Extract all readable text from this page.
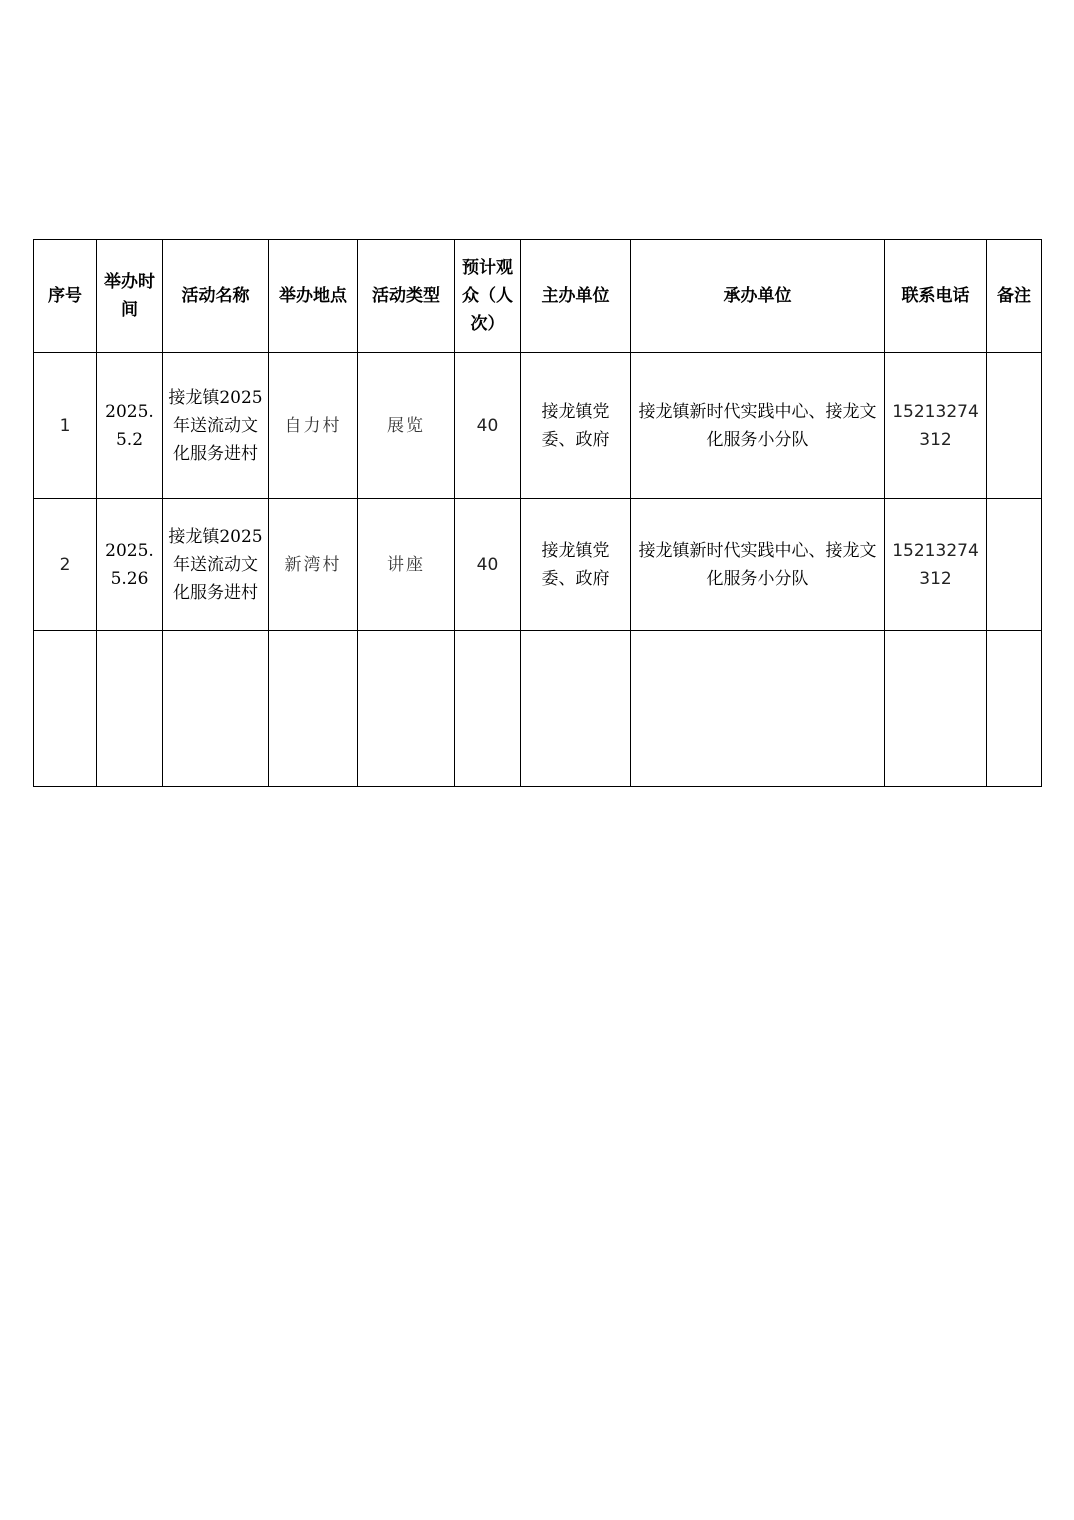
序号	举办时间	活动名称	举办地点	活动类型	预计观众（人次）	主办单位	承办单位	联系电话	备注
1	2025.5.2	接龙镇2025年送流动文化服务进村	自力村	展览	40	接龙镇党委、政府	接龙镇新时代实践中心、接龙文化服务小分队	15213274312	
2	2025.5.26	接龙镇2025年送流动文化服务进村	新湾村	讲座	40	接龙镇党委、政府	接龙镇新时代实践中心、接龙文化服务小分队	15213274312	
